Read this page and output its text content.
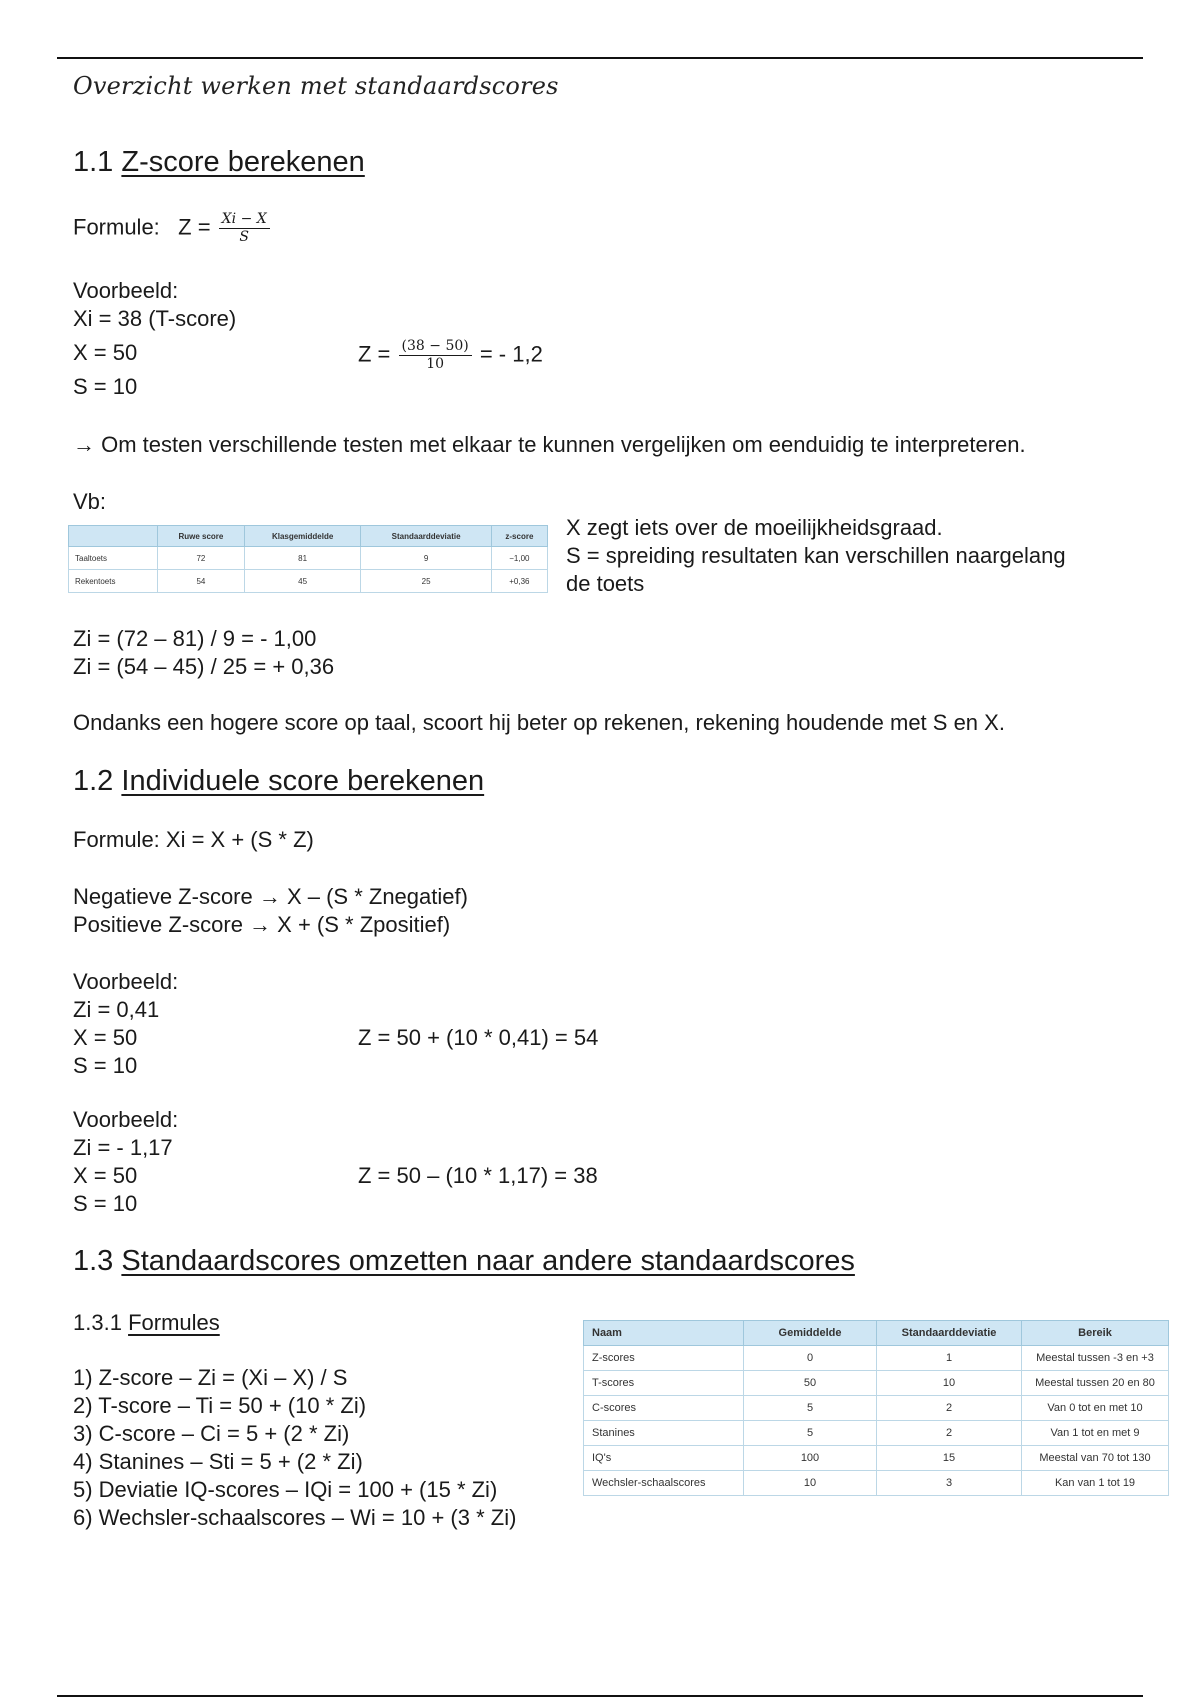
Overzicht werken met standaardscores
1.1 Z-score berekenen
Formule: $Z = \frac{Xi - X}{S}$
Voorbeeld:
Xi = 38 (T-score)
X = 50
S = 10
$Z = \frac{(38 - 50)}{10}$ = - 1,2
→ Om testen verschillende testen met elkaar te kunnen vergelijken om eenduidig te interpreteren.
Vb:
	Ruwe score	Klasgemiddelde	Standaarddeviatie	z-score
Taaltoets	72	81	9	−1,00
Rekentoets	54	45	25	+0,36
X zegt iets over de moeilijkheidsgraad.
S = spreiding resultaten kan verschillen naargelang
de toets
Zi = (72 – 81) / 9 = - 1,00
Zi = (54 – 45) / 25 = + 0,36
Ondanks een hogere score op taal, scoort hij beter op rekenen, rekening houdende met S en X.
1.2 Individuele score berekenen
Formule: Xi = X + (S * Z)
Negatieve Z-score → X – (S * Znegatief)
Positieve Z-score → X + (S * Zpositief)
Voorbeeld:
Zi = 0,41
X = 50
S = 10
Z = 50 + (10 * 0,41) = 54
Voorbeeld:
Zi = - 1,17
X = 50
S = 10
Z = 50 – (10 * 1,17) = 38
1.3 Standaardscores omzetten naar andere standaardscores
1.3.1 Formules
1) Z-score – Zi = (Xi – X) / S
2) T-score – Ti = 50 + (10 * Zi)
3) C-score – Ci = 5 + (2 * Zi)
4) Stanines – Sti = 5 + (2 * Zi)
5) Deviatie IQ-scores – IQi = 100 + (15 * Zi)
6) Wechsler-schaalscores – Wi = 10 + (3 * Zi)
Naam	Gemiddelde	Standaarddeviatie	Bereik
Z-scores	0	1	Meestal tussen -3 en +3
T-scores	50	10	Meestal tussen 20 en 80
C-scores	5	2	Van 0 tot en met 10
Stanines	5	2	Van 1 tot en met 9
IQ's	100	15	Meestal van 70 tot 130
Wechsler-schaalscores	10	3	Kan van 1 tot 19
